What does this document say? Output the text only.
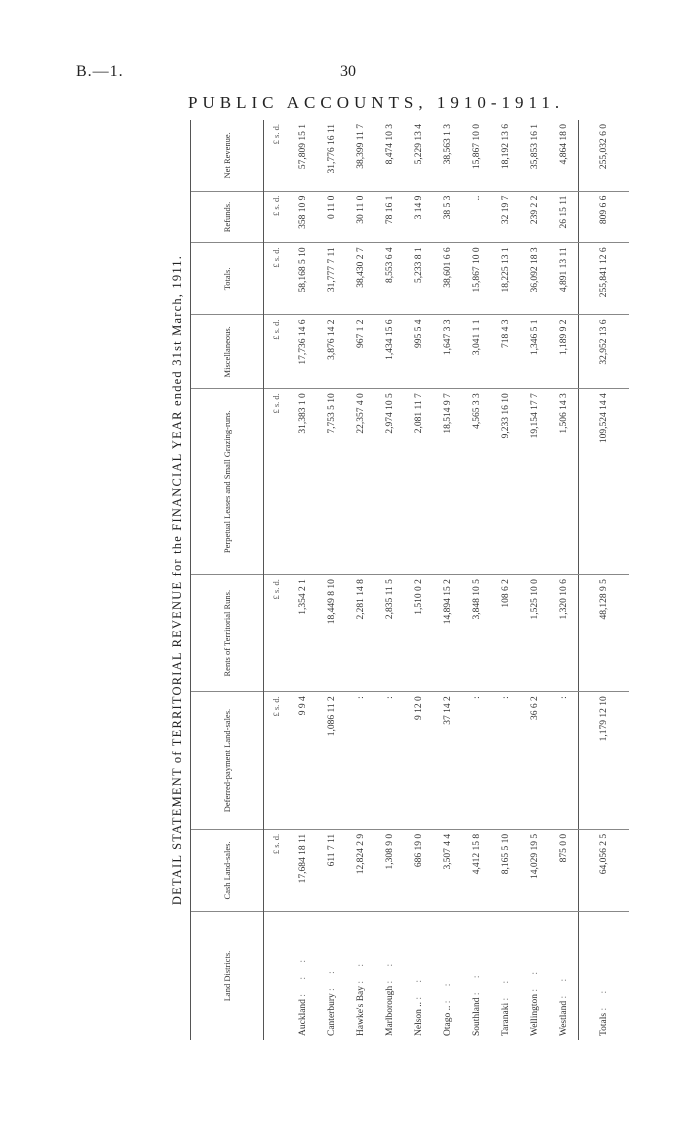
B.—1.	30
PUBLIC ACCOUNTS, 1910-1911.
DETAIL STATEMENT of TERRITORIAL REVENUE for the FINANCIAL YEAR ended 31st March, 1911.
Land Districts.	Cash Land-sales.	Deferred-payment Land-sales.	Rents of Territorial Runs.	Perpetual Leases and Small Grazing-runs.	Miscellaneous.	Totals.	Refunds.	Net Revenue.
	£ s. d.	£ s. d.	£ s. d.	£ s. d.	£ s. d.	£ s. d.	£ s. d.	£ s. d.
Auckland : : :	17,684 18 11	9 9 4	1,354 2 1	31,383 1 0	17,736 14 6	58,168 5 10	358 10 9	57,809 15 1
Canterbury : :	611 7 11	1,086 11 2	18,449 8 10	7,753 5 10	3,876 14 2	31,777 7 11	0 11 0	31,776 16 11
Hawke's Bay : :	12,824 2 9	:	2,281 14 8	22,357 4 0	967 1 2	38,430 2 7	30 11 0	38,399 11 7
Marlborough : :	1,308 9 0	:	2,835 11 5	2,974 10 5	1,434 15 6	8,553 6 4	78 16 1	8,474 10 3
Nelson .. : :	686 19 0	9 12 0	1,510 0 2	2,081 11 7	995 5 4	5,233 8 1	3 14 9	5,229 13 4
Otago .. : :	3,507 4 4	37 14 2	14,894 15 2	18,514 9 7	1,647 3 3	38,601 6 6	38 5 3	38,563 1 3
Southland : :	4,412 15 8	:	3,848 10 5	4,565 3 3	3,041 1 1	15,867 10 0	..	15,867 10 0
Taranaki : :	8,165 5 10	:	108 6 2	9,233 16 10	718 4 3	18,225 13 1	32 19 7	18,192 13 6
Wellington : :	14,029 19 5	36 6 2	1,525 10 0	19,154 17 7	1,346 5 1	36,092 18 3	239 2 2	35,853 16 1
Westland : :	875 0 0	:	1,320 10 6	1,506 14 3	1,189 9 2	4,891 13 11	26 15 11	4,864 18 0
Totals : :	64,056 2 5	1,179 12 10	48,128 9 5	109,524 14 4	32,952 13 6	255,841 12 6	809 6 6	255,032 6 0
